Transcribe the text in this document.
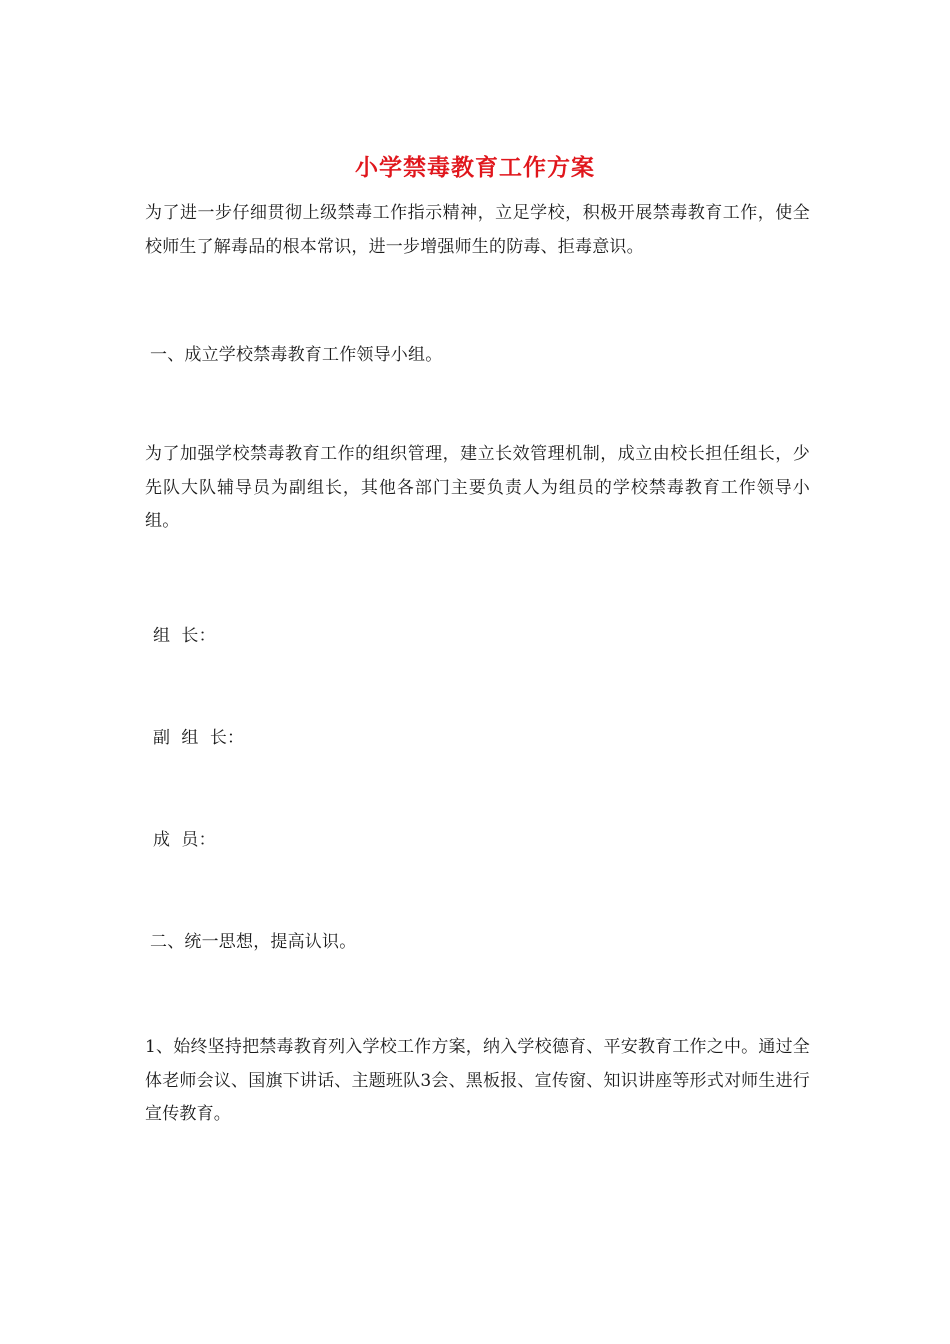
小学禁毒教育工作方案

为了进一步仔细贯彻上级禁毒工作指示精神，立足学校，积极开展禁毒教育工作，使全校师生了解毒品的根本常识，进一步增强师生的防毒、拒毒意识。

一、成立学校禁毒教育工作领导小组。

为了加强学校禁毒教育工作的组织管理，建立长效管理机制，成立由校长担任组长，少先队大队辅导员为副组长，其他各部门主要负责人为组员的学校禁毒教育工作领导小组。

组  长：

副  组  长：

成  员：

二、统一思想，提高认识。

1、始终坚持把禁毒教育列入学校工作方案，纳入学校德育、平安教育工作之中。通过全体老师会议、国旗下讲话、主题班队3会、黑板报、宣传窗、知识讲座等形式对师生进行宣传教育。
